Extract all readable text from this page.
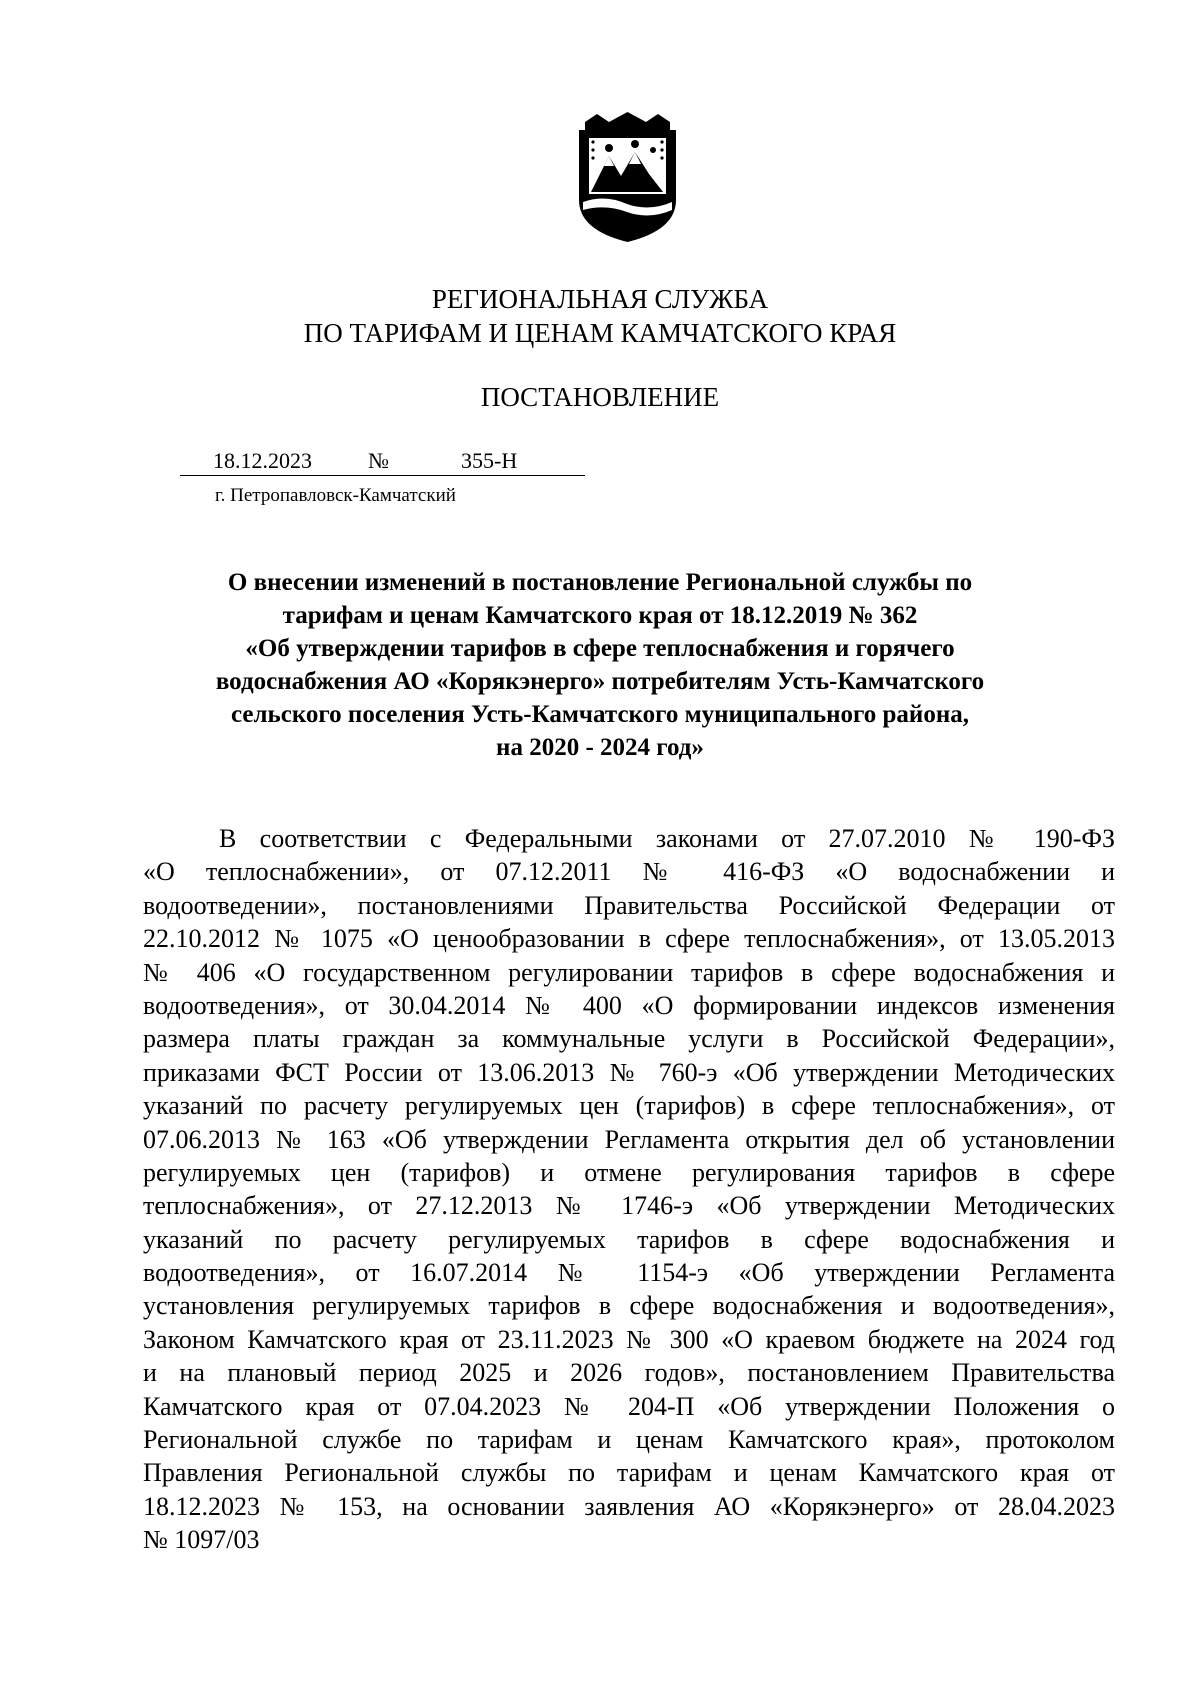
РЕГИОНАЛЬНАЯ СЛУЖБА
ПО ТАРИФАМ И ЦЕНАМ КАМЧАТСКОГО КРАЯ
ПОСТАНОВЛЕНИЕ
18.12.2023	№	355-Н
г. Петропавловск-Камчатский
О внесении изменений в постановление Региональной службы по
тарифам и ценам Камчатского края от 18.12.2019 № 362
«Об утверждении тарифов в сфере теплоснабжения и горячего
водоснабжения АО «Корякэнерго» потребителям Усть-Камчатского
сельского поселения Усть-Камчатского муниципального района,
на 2020 - 2024 год»
В соответствии с Федеральными законами от 27.07.2010 № 190-ФЗ
«О теплоснабжении», от 07.12.2011 № 416-ФЗ «О водоснабжении и
водоотведении», постановлениями Правительства Российской Федерации от
22.10.2012 № 1075 «О ценообразовании в сфере теплоснабжения», от 13.05.2013
№ 406 «О государственном регулировании тарифов в сфере водоснабжения и
водоотведения», от 30.04.2014 № 400 «О формировании индексов изменения
размера платы граждан за коммунальные услуги в Российской Федерации»,
приказами ФСТ России от 13.06.2013 № 760-э «Об утверждении Методических
указаний по расчету регулируемых цен (тарифов) в сфере теплоснабжения», от
07.06.2013 № 163 «Об утверждении Регламента открытия дел об установлении
регулируемых цен (тарифов) и отмене регулирования тарифов в сфере
теплоснабжения», от 27.12.2013 № 1746-э «Об утверждении Методических
указаний по расчету регулируемых тарифов в сфере водоснабжения и
водоотведения», от 16.07.2014 № 1154-э «Об утверждении Регламента
установления регулируемых тарифов в сфере водоснабжения и водоотведения»,
Законом Камчатского края от 23.11.2023 № 300 «О краевом бюджете на 2024 год
и на плановый период 2025 и 2026 годов», постановлением Правительства
Камчатского края от 07.04.2023 № 204-П «Об утверждении Положения о
Региональной службе по тарифам и ценам Камчатского края», протоколом
Правления Региональной службы по тарифам и ценам Камчатского края от
18.12.2023 № 153, на основании заявления АО «Корякэнерго» от 28.04.2023
№ 1097/03
